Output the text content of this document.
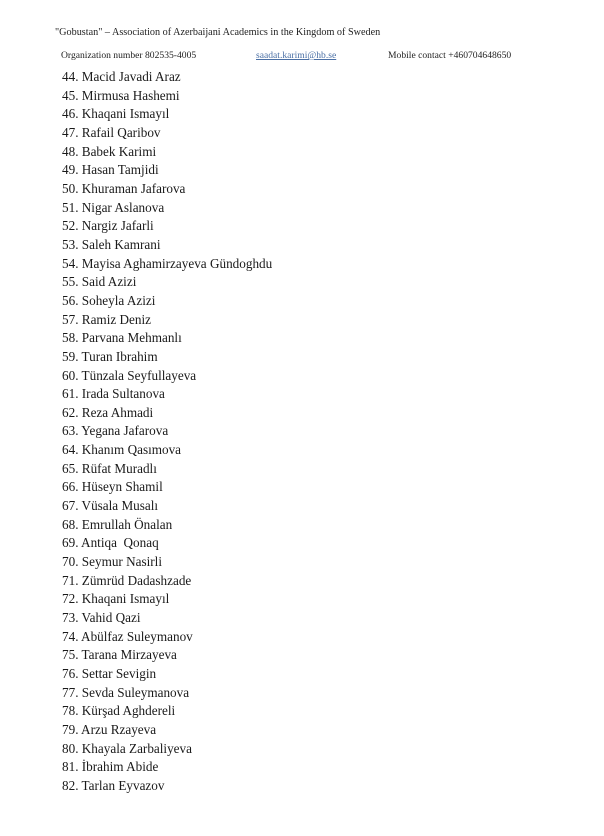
"Gobustan" – Association of Azerbaijani Academics in the Kingdom of Sweden
Organization number 802535-4005	saadat.karimi@hb.se	Mobile contact +460704648650
44. Macid Javadi Araz
45. Mirmusa Hashemi
46. Khaqani Ismayıl
47. Rafail Qaribov
48. Babek Karimi
49. Hasan Tamjidi
50. Khuraman Jafarova
51. Nigar Aslanova
52. Nargiz Jafarli
53. Saleh Kamrani
54. Mayisa Aghamirzayeva Gündoghdu
55. Said Azizi
56. Soheyla Azizi
57. Ramiz Deniz
58. Parvana Mehmanlı
59. Turan Ibrahim
60. Tünzala Seyfullayeva
61. Irada Sultanova
62. Reza Ahmadi
63. Yegana Jafarova
64. Khanım Qasımova
65. Rüfat Muradlı
66. Hüseyn Shamil
67. Vüsala Musalı
68. Emrullah Önalan
69. Antiqa  Qonaq
70. Seymur Nasirli
71. Zümrüd Dadashzade
72. Khaqani Ismayıl
73. Vahid Qazi
74. Abülfaz Suleymanov
75. Tarana Mirzayeva
76. Settar Sevigin
77. Sevda Suleymanova
78. Kürşad Aghdereli
79. Arzu Rzayeva
80. Khayala Zarbaliyeva
81. İbrahim Abide
82. Tarlan Eyvazov
